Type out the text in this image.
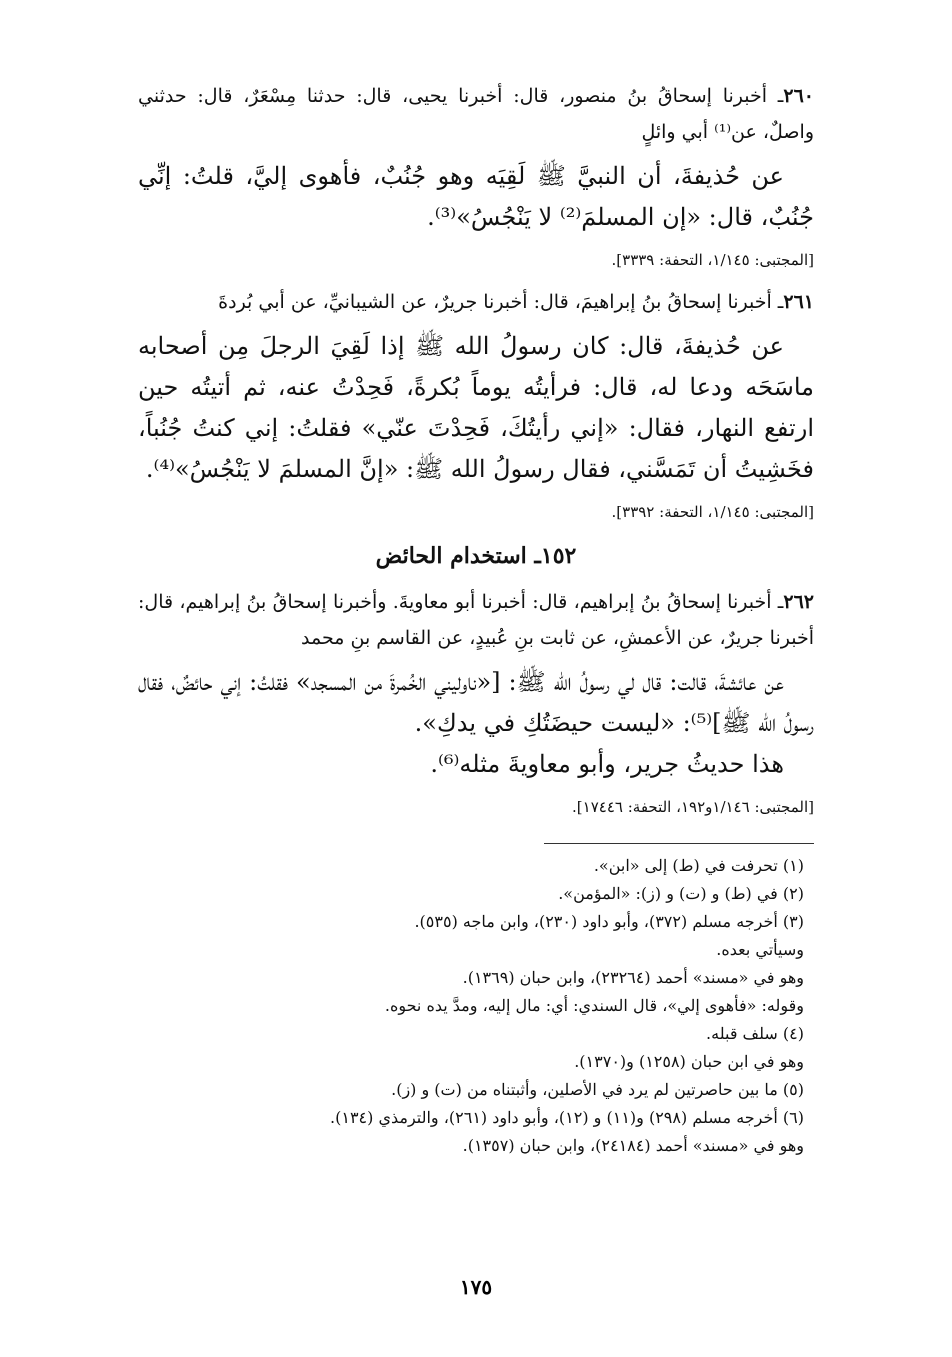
٢٦٠ـ أخبرنا إسحاقُ بنُ منصور، قال: أخبرنا يحيى، قال: حدثنا مِسْعَرٌ، قال: حدثني واصلٌ، عن⁽¹⁾ أبي وائلٍ

عن حُذيفةَ، أن النبيَّ ﷺ لَقِيَه وهو جُنُبٌ، فأهوى إليَّ، قلتُ: إنِّي جُنُبٌ، قال: «إن المسلمَ⁽²⁾ لا يَنْجُسُ»⁽³⁾.

[المجتبى: ١/١٤٥، التحفة: ٣٣٣٩].

٢٦١ـ أخبرنا إسحاقُ بنُ إبراهيمَ، قال: أخبرنا جريرٌ، عن الشيبانيِّ، عن أبي بُردةَ

عن حُذيفةَ، قال: كان رسولُ الله ﷺ إذا لَقِيَ الرجلَ مِن أصحابه ماسَحَه ودعا له، قال: فرأيتُه يوماً بُكرةً، فَحِدْتُ عنه، ثم أتيتُه حين ارتفع النهار، فقال: «إني رأيتُكَ، فَحِدْتَ عنّي» فقلتُ: إني كنتُ جُنُباً، فخَشِيتُ أن تَمَسَّني، فقال رسولُ الله ﷺ: «إنَّ المسلمَ لا يَنْجُسُ»⁽⁴⁾.

[المجتبى: ١/١٤٥، التحفة: ٣٣٩٢].

١٥٢ـ استخدام الحائض

٢٦٢ـ أخبرنا إسحاقُ بنُ إبراهيم، قال: أخبرنا أبو معاويةَ. وأخبرنا إسحاقُ بنُ إبراهيم، قال: أخبرنا جريرٌ، عن الأعمشِ، عن ثابت بنِ عُبيدٍ، عن القاسم بنِ محمد

عن عائشةَ، قالت: قال لي رسولُ الله ﷺ: [«ناوليني الخُمرةَ من المسجد» فقلتُ: إني حائضٌ، فقال رسولُ الله ﷺ]⁽⁵⁾: «ليست حيضَتُكِ في يدكِ».

هذا حديثُ جرير، وأبو معاويةَ مثله⁽⁶⁾.

[المجتبى: ١/١٤٦و١٩٢، التحفة: ١٧٤٤٦].

(١) تحرفت في (ط) إلى «ابن».
(٢) في (ط) و (ت) و (ز): «المؤمن».
(٣) أخرجه مسلم (٣٧٢)، وأبو داود (٢٣٠)، وابن ماجه (٥٣٥).
وسيأتي بعده.
وهو في «مسند» أحمد (٢٣٢٦٤)، وابن حبان (١٣٦٩).
وقوله: «فأهوى إلي»، قال السندي: أي: مال إليه، ومدَّ يده نحوه.
(٤) سلف قبله.
وهو في ابن حبان (١٢٥٨) و(١٣٧٠).
(٥) ما بين حاصرتين لم يرد في الأصلين، وأثبتناه من (ت) و (ز).
(٦) أخرجه مسلم (٢٩٨) و(١١) و (١٢)، وأبو داود (٢٦١)، والترمذي (١٣٤).
وهو في «مسند» أحمد (٢٤١٨٤)، وابن حبان (١٣٥٧).
١٧٥
